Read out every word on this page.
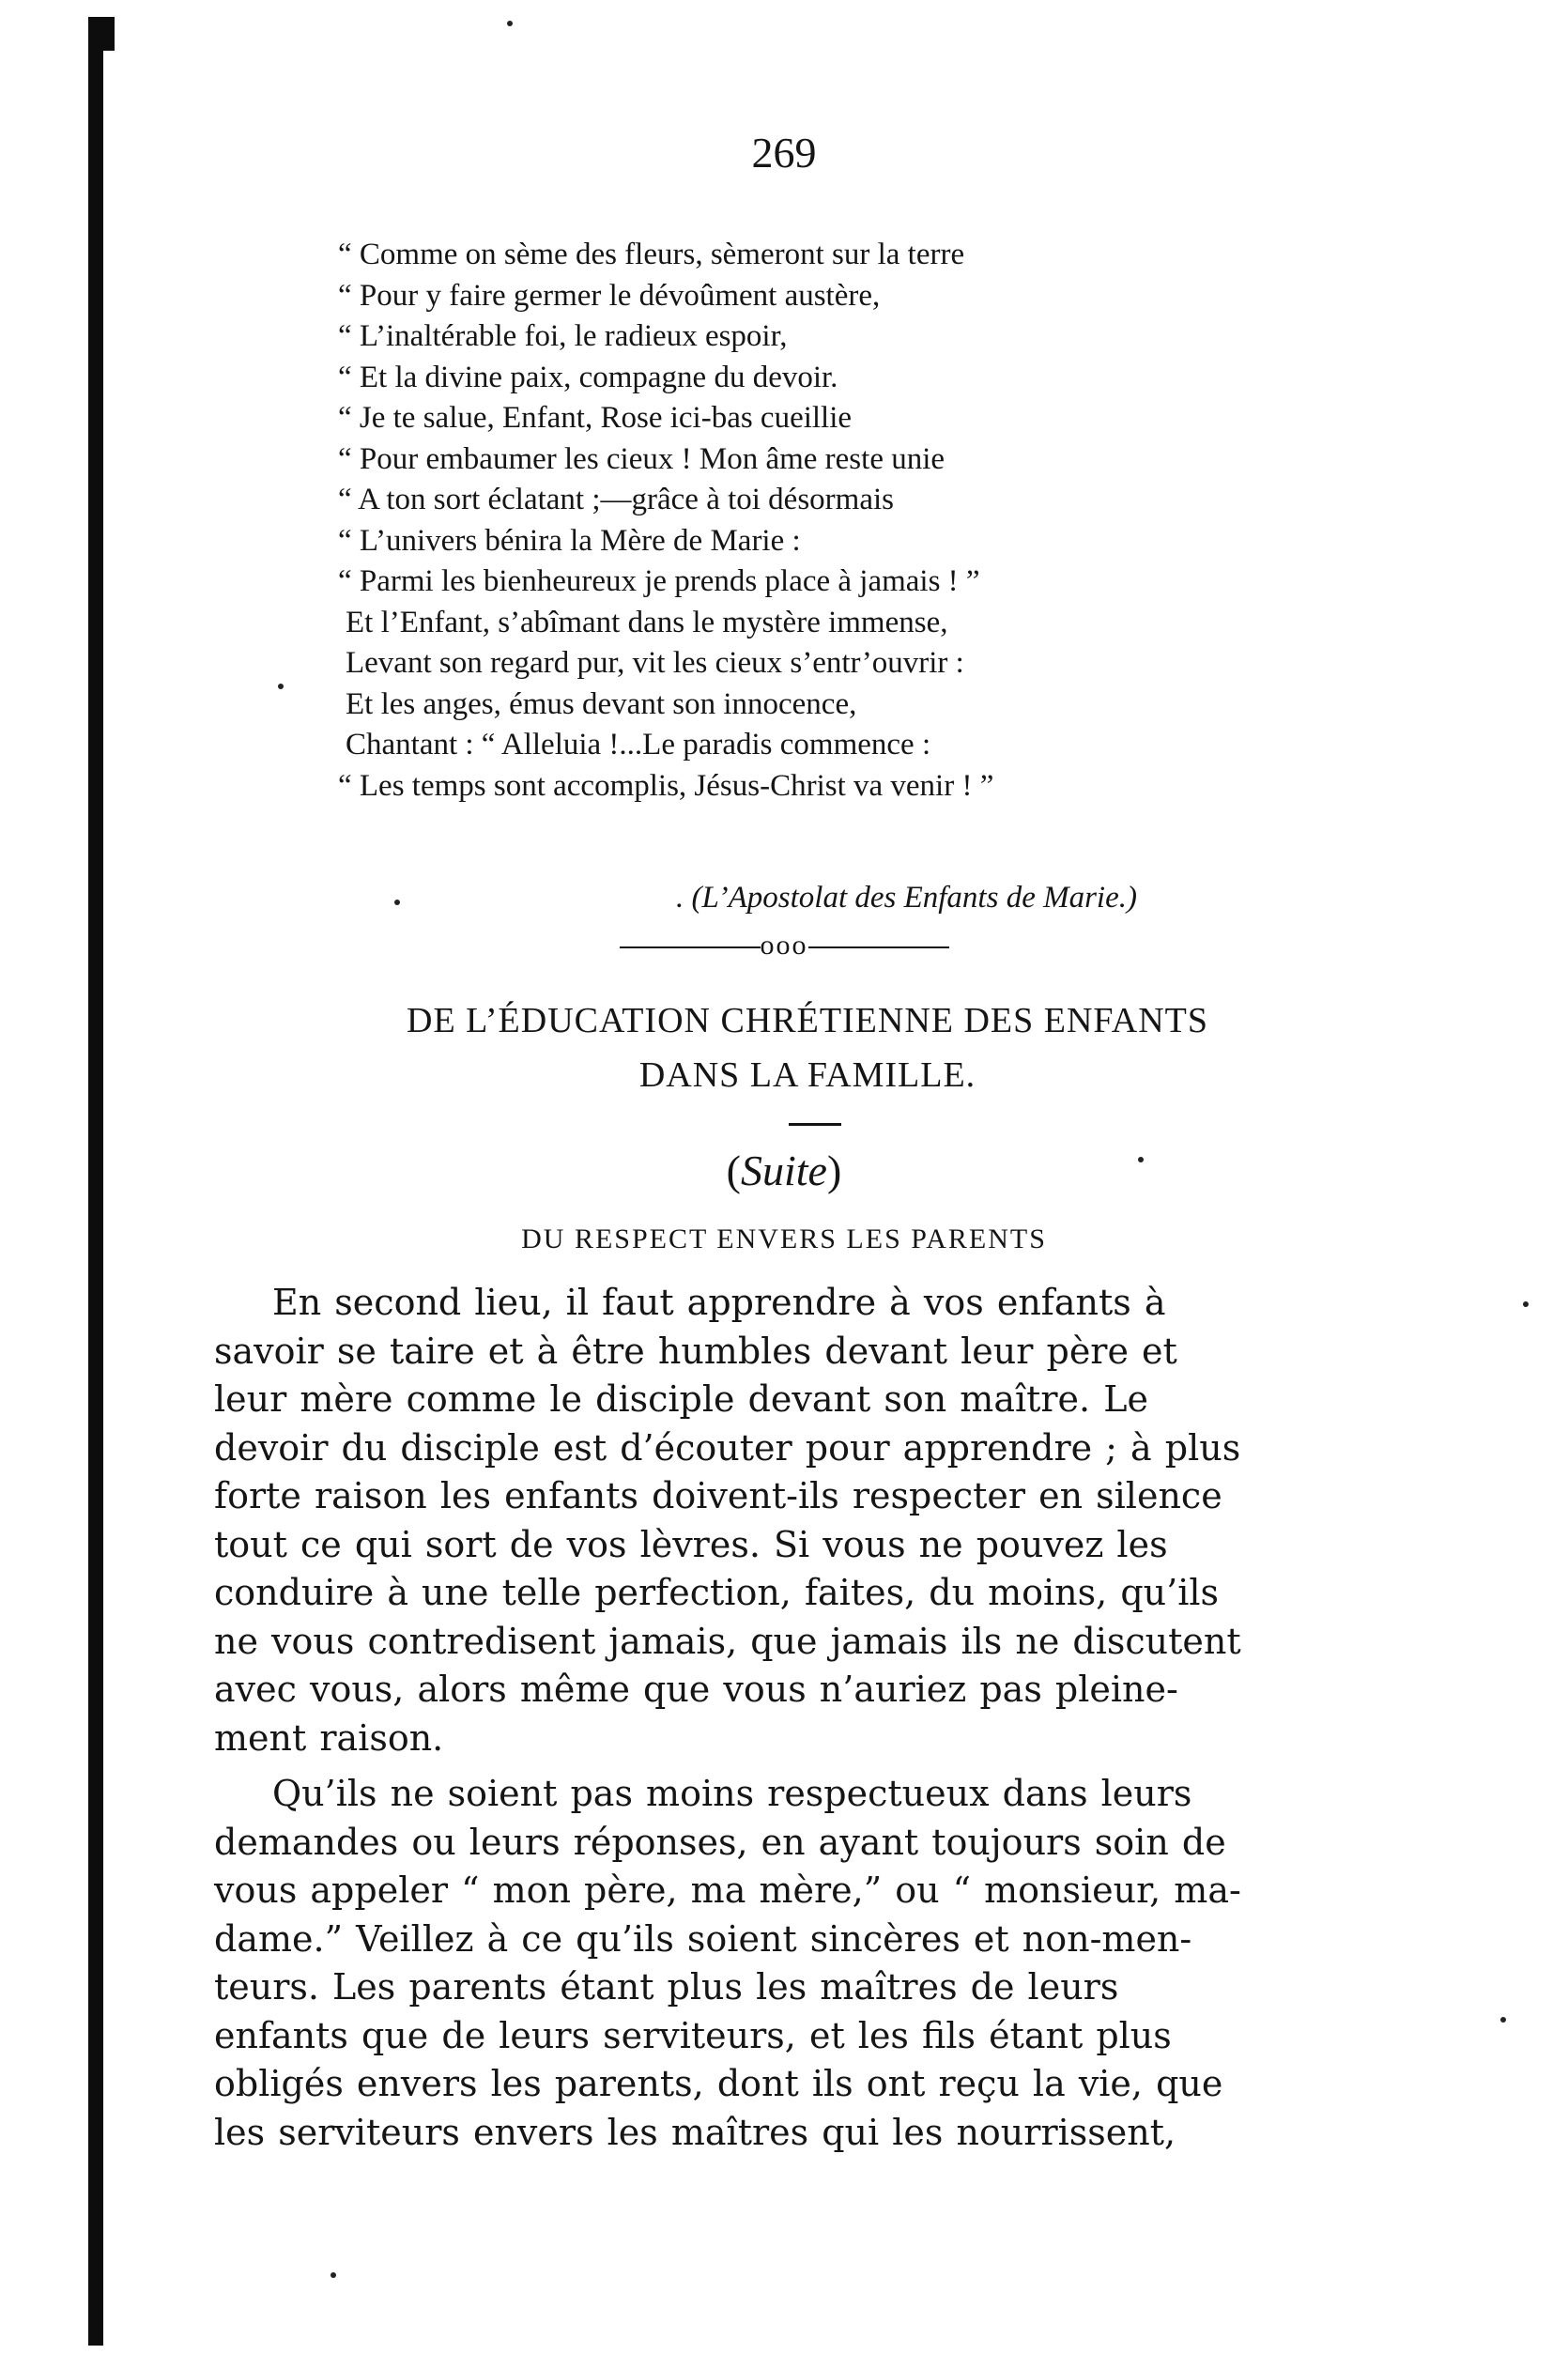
269
“ Comme on sème des fleurs, sèmeront sur la terre
“ Pour y faire germer le dévoûment austère,
“ L’inaltérable foi, le radieux espoir,
“ Et la divine paix, compagne du devoir.
“ Je te salue, Enfant, Rose ici-bas cueillie
“ Pour embaumer les cieux ! Mon âme reste unie
“ A ton sort éclatant ;—grâce à toi désormais
“ L’univers bénira la Mère de Marie :
“ Parmi les bienheureux je prends place à jamais ! ”
Et l’Enfant, s’abîmant dans le mystère immense,
Levant son regard pur, vit les cieux s’entr’ouvrir :
Et les anges, émus devant son innocence,
Chantant : “ Alleluia !...Le paradis commence :
“ Les temps sont accomplis, Jésus-Christ va venir ! ”
. (L’Apostolat des Enfants de Marie.)
ooo
DE L’ÉDUCATION CHRÉTIENNE DES ENFANTS
DANS LA FAMILLE.
(Suite)
DU RESPECT ENVERS LES PARENTS
En second lieu, il faut apprendre à vos enfants à
savoir se taire et à être humbles devant leur père et
leur mère comme le disciple devant son maître. Le
devoir du disciple est d’écouter pour apprendre ; à plus
forte raison les enfants doivent-ils respecter en silence
tout ce qui sort de vos lèvres. Si vous ne pouvez les
conduire à une telle perfection, faites, du moins, qu’ils
ne vous contredisent jamais, que jamais ils ne discutent
avec vous, alors même que vous n’auriez pas pleine-
ment raison.
Qu’ils ne soient pas moins respectueux dans leurs
demandes ou leurs réponses, en ayant toujours soin de
vous appeler “ mon père, ma mère,” ou “ monsieur, ma-
dame.” Veillez à ce qu’ils soient sincères et non-men-
teurs. Les parents étant plus les maîtres de leurs
enfants que de leurs serviteurs, et les fils étant plus
obligés envers les parents, dont ils ont reçu la vie, que
les serviteurs envers les maîtres qui les nourrissent,
